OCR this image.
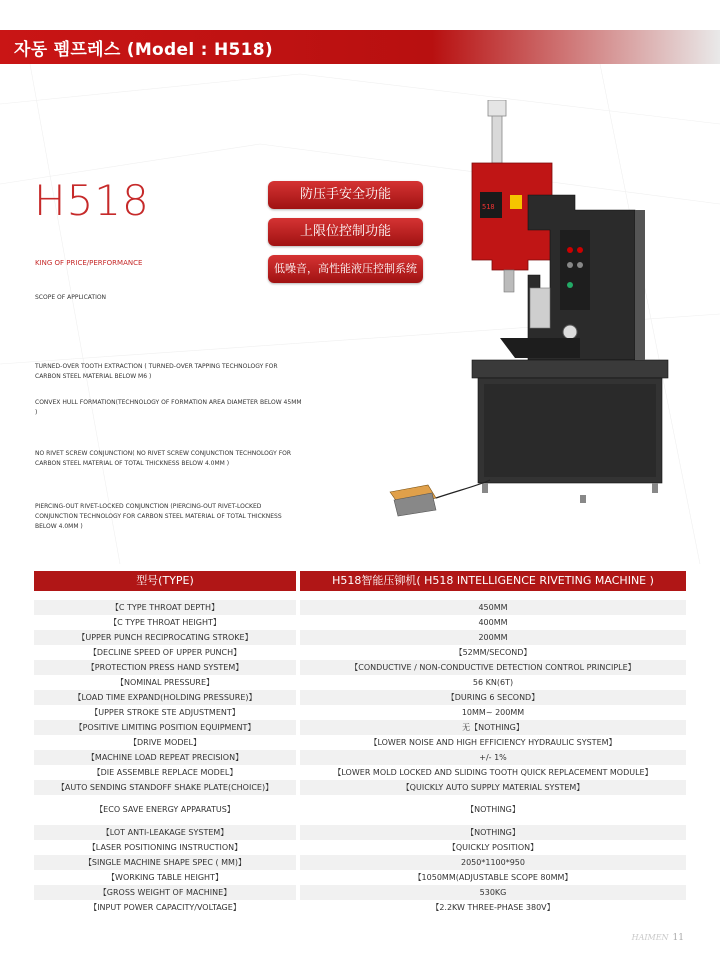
자동 펨프레스 (Model : H518)
H518
KING OF PRICE/PERFORMANCE
SCOPE OF APPLICATION
TURNED-OVER TOOTH EXTRACTION ( TURNED-OVER TAPPING TECHNOLOGY FOR CARBON STEEL MATERIAL BELOW M6 )
CONVEX HULL FORMATION(TECHNOLOGY OF FORMATION AREA DIAMETER BELOW 45MM )
NO RIVET SCREW CONJUNCTION( NO RIVET SCREW CONJUNCTION TECHNOLOGY FOR CARBON STEEL MATERIAL OF TOTAL THICKNESS BELOW 4.0MM )
PIERCING-OUT RIVET-LOCKED CONJUNCTION (PIERCING-OUT RIVET-LOCKED CONJUNCTION TECHNOLOGY FOR CARBON STEEL MATERIAL OF TOTAL THICKNESS BELOW 4.0MM )
防压手安全功能
上限位控制功能
低噪音，高性能液压控制系统
518
型号(TYPE)	H518智能压铆机( H518 INTELLIGENCE RIVETING MACHINE )
【C TYPE THROAT DEPTH】	450MM
【C TYPE THROAT HEIGHT】	400MM
【UPPER PUNCH RECIPROCATING STROKE】	200MM
【DECLINE SPEED OF UPPER PUNCH】	【52MM/SECOND】
【PROTECTION PRESS HAND SYSTEM】	【CONDUCTIVE / NON-CONDUCTIVE DETECTION CONTROL PRINCIPLE】
【NOMINAL PRESSURE】	56 KN(6T)
【LOAD TIME EXPAND(HOLDING PRESSURE)】	【DURING 6 SECOND】
【UPPER STROKE STE ADJUSTMENT】	10MM~ 200MM
【POSITIVE LIMITING POSITION EQUIPMENT】	无【NOTHING】
【DRIVE MODEL】	【LOWER NOISE AND HIGH EFFICIENCY HYDRAULIC SYSTEM】
【MACHINE LOAD REPEAT PRECISION】	+/- 1%
【DIE ASSEMBLE REPLACE MODEL】	【LOWER MOLD LOCKED AND SLIDING TOOTH QUICK REPLACEMENT MODULE】
【AUTO SENDING STANDOFF SHAKE PLATE(CHOICE)】	【QUICKLY AUTO SUPPLY MATERIAL SYSTEM】
【ECO SAVE ENERGY APPARATUS】	【NOTHING】
【LOT ANTI-LEAKAGE SYSTEM】	【NOTHING】
【LASER POSITIONING INSTRUCTION】	【QUICKLY POSITION】
【SINGLE MACHINE SHAPE SPEC ( MM)】	2050*1100*950
【WORKING TABLE HEIGHT】	【1050MM(ADJUSTABLE SCOPE 80MM】
【GROSS WEIGHT OF MACHINE】	530KG
【INPUT POWER CAPACITY/VOLTAGE】	【2.2KW THREE-PHASE 380V】
HAIMEN 11
